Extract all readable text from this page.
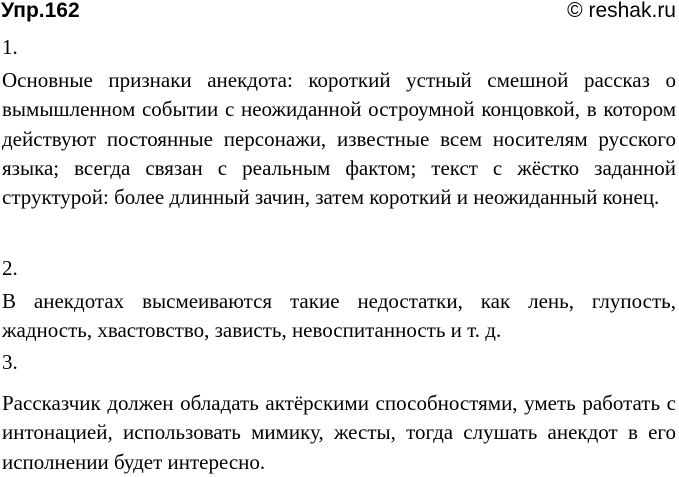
Упр.162	© reshak.ru
1.
Основные признаки анекдота: короткий устный смешной рассказ о вымышленном событии с неожиданной остроумной концовкой, в котором действуют постоянные персонажи, известные всем носителям русского языка; всегда связан с реальным фактом; текст с жёстко заданной структурой: более длинный зачин, затем короткий и неожиданный конец.
2.
В анекдотах высмеиваются такие недостатки, как лень, глупость, жадность, хвастовство, зависть, невоспитанность и т. д.
3.
Рассказчик должен обладать актёрскими способностями, уметь работать с интонацией, использовать мимику, жесты, тогда слушать анекдот в его исполнении будет интересно.
